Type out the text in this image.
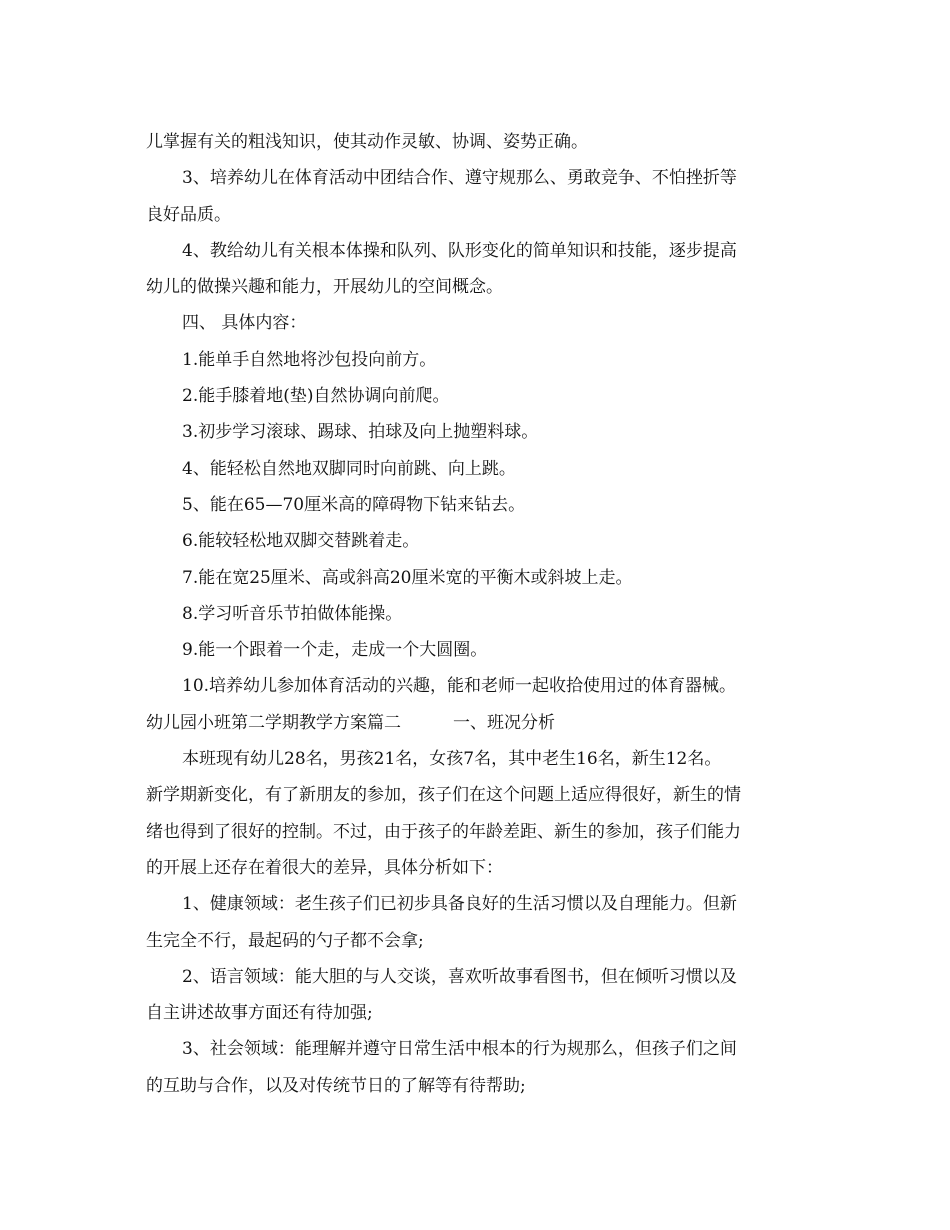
儿掌握有关的粗浅知识，使其动作灵敏、协调、姿势正确。

3、培养幼儿在体育活动中团结合作、遵守规那么、勇敢竞争、不怕挫折等

良好品质。

4、教给幼儿有关根本体操和队列、队形变化的简单知识和技能，逐步提高

幼儿的做操兴趣和能力，开展幼儿的空间概念。

四、 具体内容：

1.能单手自然地将沙包投向前方。

2.能手膝着地(垫)自然协调向前爬。

3.初步学习滚球、踢球、拍球及向上抛塑料球。

4、能轻松自然地双脚同时向前跳、向上跳。

5、能在65—70厘米高的障碍物下钻来钻去。

6.能较轻松地双脚交替跳着走。

7.能在宽25厘米、高或斜高20厘米宽的平衡木或斜坡上走。

8.学习听音乐节拍做体能操。

9.能一个跟着一个走，走成一个大圆圈。

10.培养幼儿参加体育活动的兴趣，能和老师一起收拾使用过的体育器械。

幼儿园小班第二学期教学方案篇二	一、班况分析

本班现有幼儿28名，男孩21名，女孩7名，其中老生16名，新生12名。

新学期新变化，有了新朋友的参加，孩子们在这个问题上适应得很好，新生的情

绪也得到了很好的控制。不过，由于孩子的年龄差距、新生的参加，孩子们能力

的开展上还存在着很大的差异，具体分析如下：

1、健康领域：老生孩子们已初步具备良好的生活习惯以及自理能力。但新

生完全不行，最起码的勺子都不会拿;

2、语言领域：能大胆的与人交谈，喜欢听故事看图书，但在倾听习惯以及

自主讲述故事方面还有待加强;

3、社会领域：能理解并遵守日常生活中根本的行为规那么，但孩子们之间

的互助与合作，以及对传统节日的了解等有待帮助;
